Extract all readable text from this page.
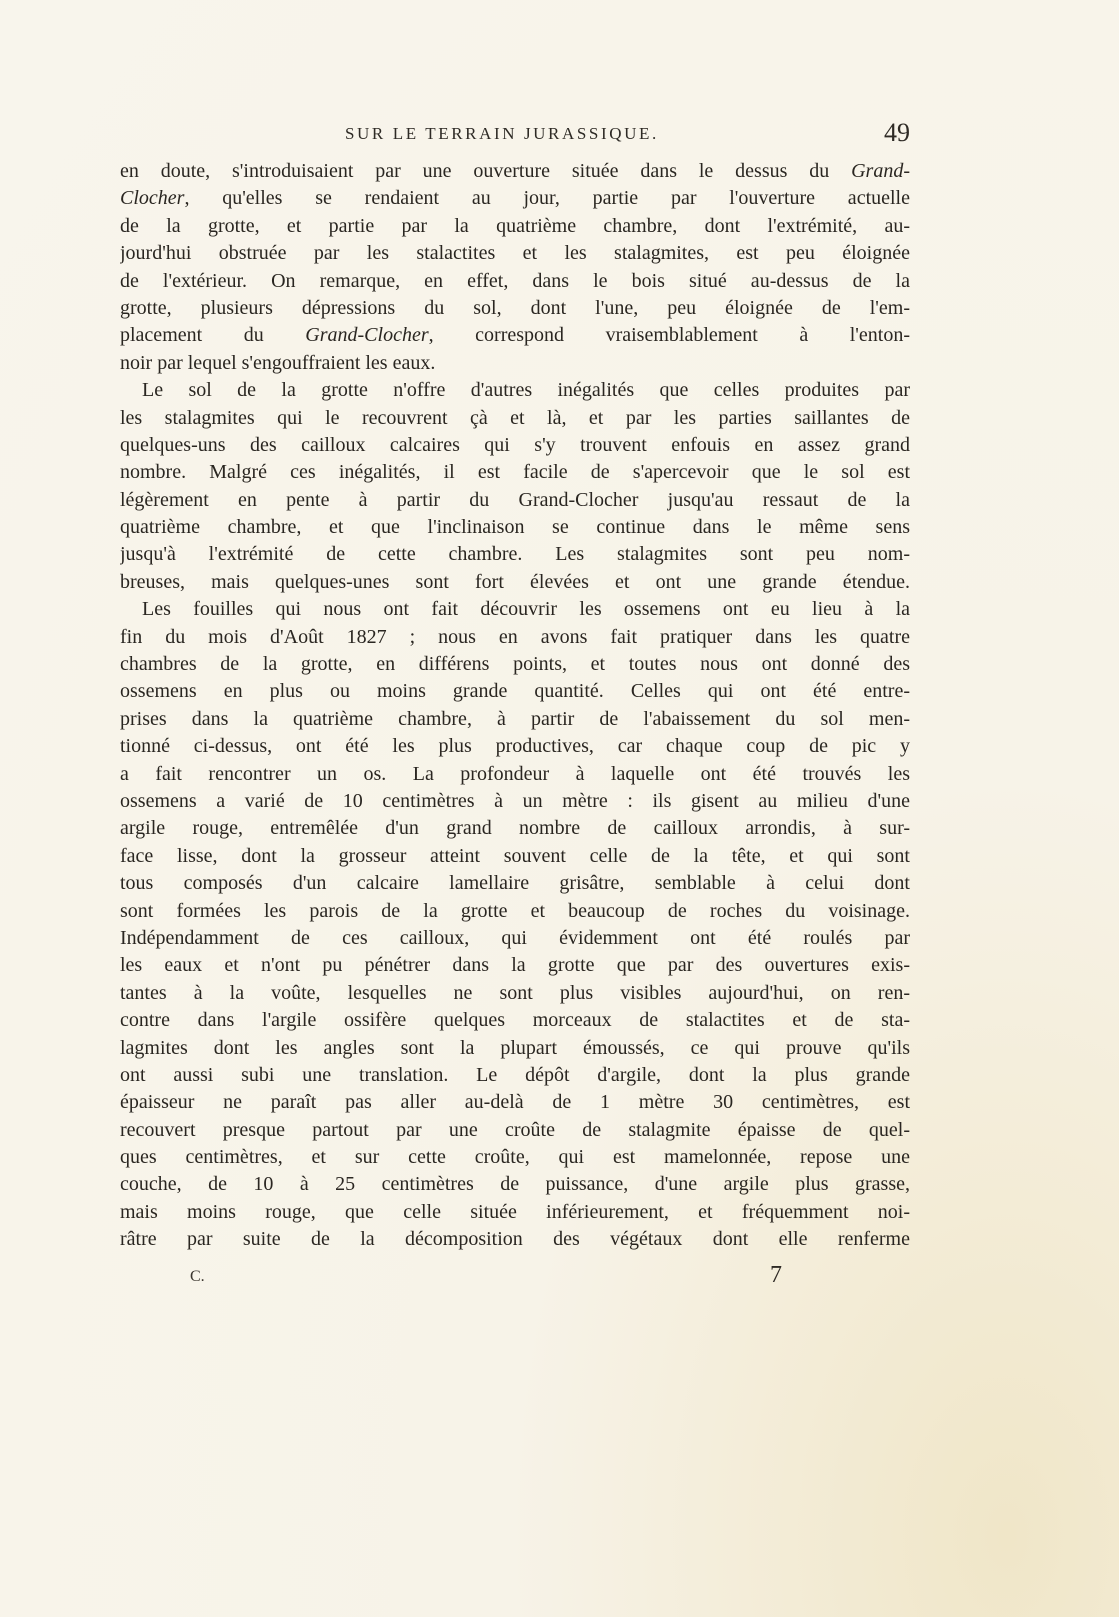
SUR LE TERRAIN JURASSIQUE.	49
en doute, s'introduisaient par une ouverture située dans le dessus du Grand-
Clocher, qu'elles se rendaient au jour, partie par l'ouverture actuelle
de la grotte, et partie par la quatrième chambre, dont l'extrémité, au-
jourd'hui obstruée par les stalactites et les stalagmites, est peu éloignée
de l'extérieur. On remarque, en effet, dans le bois situé au-dessus de la
grotte, plusieurs dépressions du sol, dont l'une, peu éloignée de l'em-
placement du Grand-Clocher, correspond vraisemblablement à l'enton-
noir par lequel s'engouffraient les eaux.
Le sol de la grotte n'offre d'autres inégalités que celles produites par
les stalagmites qui le recouvrent çà et là, et par les parties saillantes de
quelques-uns des cailloux calcaires qui s'y trouvent enfouis en assez grand
nombre. Malgré ces inégalités, il est facile de s'apercevoir que le sol est
légèrement en pente à partir du Grand-Clocher jusqu'au ressaut de la
quatrième chambre, et que l'inclinaison se continue dans le même sens
jusqu'à l'extrémité de cette chambre. Les stalagmites sont peu nom-
breuses, mais quelques-unes sont fort élevées et ont une grande étendue.
Les fouilles qui nous ont fait découvrir les ossemens ont eu lieu à la
fin du mois d'Août 1827 ; nous en avons fait pratiquer dans les quatre
chambres de la grotte, en différens points, et toutes nous ont donné des
ossemens en plus ou moins grande quantité. Celles qui ont été entre-
prises dans la quatrième chambre, à partir de l'abaissement du sol men-
tionné ci-dessus, ont été les plus productives, car chaque coup de pic y
a fait rencontrer un os. La profondeur à laquelle ont été trouvés les
ossemens a varié de 10 centimètres à un mètre : ils gisent au milieu d'une
argile rouge, entremêlée d'un grand nombre de cailloux arrondis, à sur-
face lisse, dont la grosseur atteint souvent celle de la tête, et qui sont
tous composés d'un calcaire lamellaire grisâtre, semblable à celui dont
sont formées les parois de la grotte et beaucoup de roches du voisinage.
Indépendamment de ces cailloux, qui évidemment ont été roulés par
les eaux et n'ont pu pénétrer dans la grotte que par des ouvertures exis-
tantes à la voûte, lesquelles ne sont plus visibles aujourd'hui, on ren-
contre dans l'argile ossifère quelques morceaux de stalactites et de sta-
lagmites dont les angles sont la plupart émoussés, ce qui prouve qu'ils
ont aussi subi une translation. Le dépôt d'argile, dont la plus grande
épaisseur ne paraît pas aller au-delà de 1 mètre 30 centimètres, est
recouvert presque partout par une croûte de stalagmite épaisse de quel-
ques centimètres, et sur cette croûte, qui est mamelonnée, repose une
couche, de 10 à 25 centimètres de puissance, d'une argile plus grasse,
mais moins rouge, que celle située inférieurement, et fréquemment noi-
râtre par suite de la décomposition des végétaux dont elle renferme
C.	7
